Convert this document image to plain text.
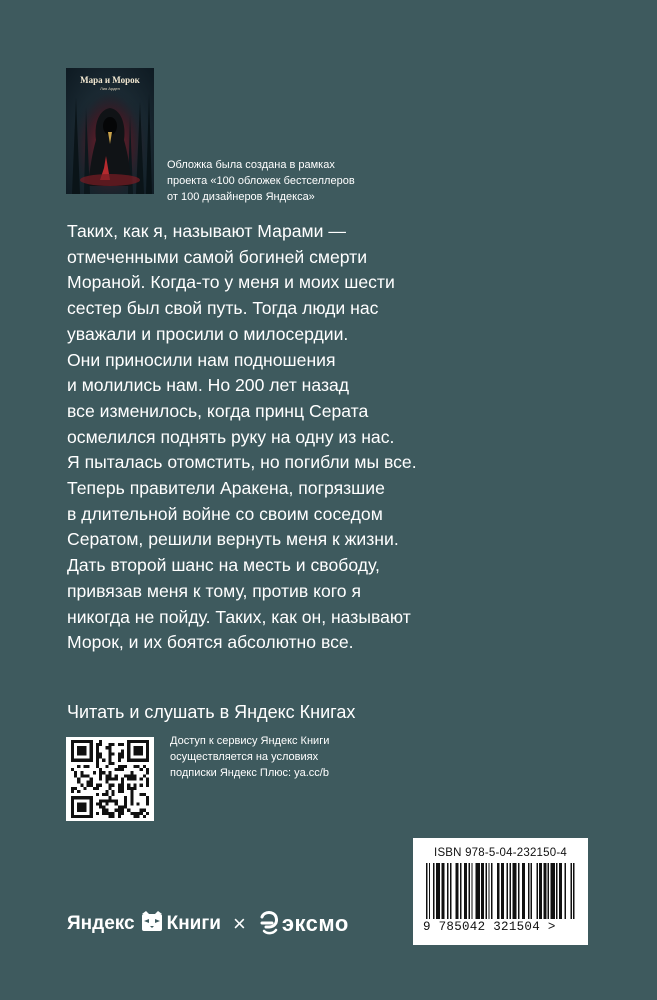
Мара и Морок
Лия Арден
Обложка была создана в рамках
проекта «100 обложек бестселлеров
от 100 дизайнеров Яндекса»
Таких, как я, называют Марами —
отмеченными самой богиней смерти
Мораной. Когда-то у меня и моих шести
сестер был свой путь. Тогда люди нас
уважали и просили о милосердии.
Они приносили нам подношения
и молились нам. Но 200 лет назад
все изменилось, когда принц Серата
осмелился поднять руку на одну из нас.
Я пыталась отомстить, но погибли мы все.
Теперь правители Аракена, погрязшие
в длительной войне со своим соседом
Сератом, решили вернуть меня к жизни.
Дать второй шанс на месть и свободу,
привязав меня к тому, против кого я
никогда не пойду. Таких, как он, называют
Морок, и их боятся абсолютно все.
Читать и слушать в Яндекс Книгах
Доступ к сервису Яндекс Книги
осуществляется на условиях
подписки Яндекс Плюс: ya.cc/b
ISBN 978-5-04-232150-4
9 785042 321504 >
Яндекс Книги × эксмо
